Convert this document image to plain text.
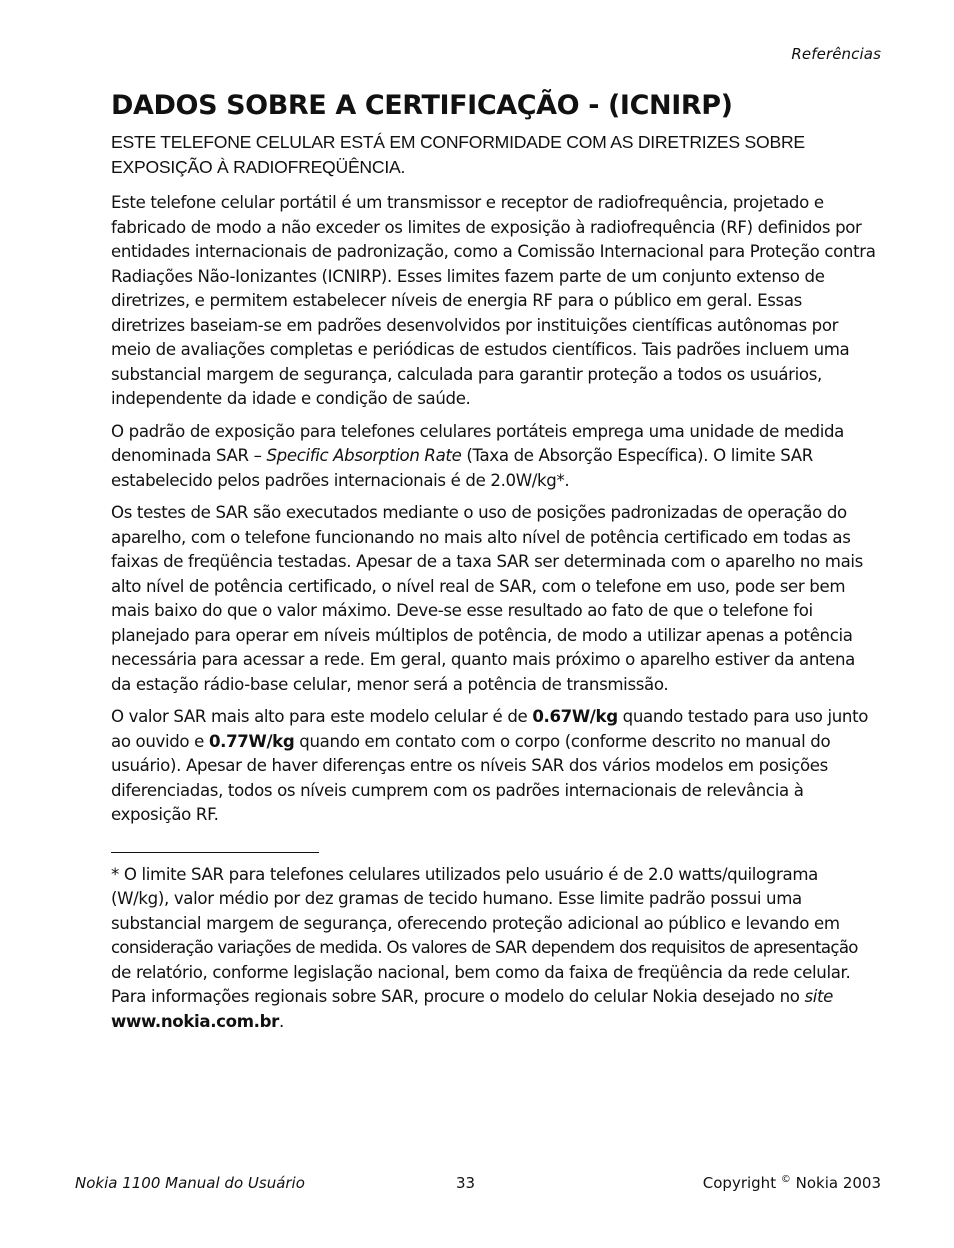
Referências
DADOS SOBRE A CERTIFICAÇÃO - (ICNIRP)
ESTE TELEFONE CELULAR ESTÁ EM CONFORMIDADE COM AS DIRETRIZES SOBRE EXPOSIÇÃO À RADIOFREQÜÊNCIA.

Este telefone celular portátil é um transmissor e receptor de radiofrequência, projetado e fabricado de modo a não exceder os limites de exposição à radiofrequência (RF) definidos por entidades internacionais de padronização, como a Comissão Internacional para Proteção contra Radiações Não-Ionizantes (ICNIRP). Esses limites fazem parte de um conjunto extenso de diretrizes, e permitem estabelecer níveis de energia RF para o público em geral. Essas diretrizes baseiam-se em padrões desenvolvidos por instituições científicas autônomas por meio de avaliações completas e periódicas de estudos científicos. Tais padrões incluem uma substancial margem de segurança, calculada para garantir proteção a todos os usuários, independente da idade e condição de saúde.

O padrão de exposição para telefones celulares portáteis emprega uma unidade de medida denominada SAR – Specific Absorption Rate (Taxa de Absorção Específica). O limite SAR estabelecido pelos padrões internacionais é de 2.0W/kg*.

Os testes de SAR são executados mediante o uso de posições padronizadas de operação do aparelho, com o telefone funcionando no mais alto nível de potência certificado em todas as faixas de freqüência testadas. Apesar de a taxa SAR ser determinada com o aparelho no mais alto nível de potência certificado, o nível real de SAR, com o telefone em uso, pode ser bem mais baixo do que o valor máximo. Deve-se esse resultado ao fato de que o telefone foi planejado para operar em níveis múltiplos de potência, de modo a utilizar apenas a potência necessária para acessar a rede. Em geral, quanto mais próximo o aparelho estiver da antena da estação rádio-base celular, menor será a potência de transmissão.

O valor SAR mais alto para este modelo celular é de 0.67W/kg quando testado para uso junto ao ouvido e 0.77W/kg quando em contato com o corpo (conforme descrito no manual do usuário). Apesar de haver diferenças entre os níveis SAR dos vários modelos em posições diferenciadas, todos os níveis cumprem com os padrões internacionais de relevância à exposição RF.

* O limite SAR para telefones celulares utilizados pelo usuário é de 2.0 watts/quilograma (W/kg), valor médio por dez gramas de tecido humano. Esse limite padrão possui uma substancial margem de segurança, oferecendo proteção adicional ao público e levando em consideração variações de medida. Os valores de SAR dependem dos requisitos de apresentação de relatório, conforme legislação nacional, bem como da faixa de freqüência da rede celular. Para informações regionais sobre SAR, procure o modelo do celular Nokia desejado no site
www.nokia.com.br.

Nokia 1100 Manual do Usuário	33	Copyright © Nokia 2003
